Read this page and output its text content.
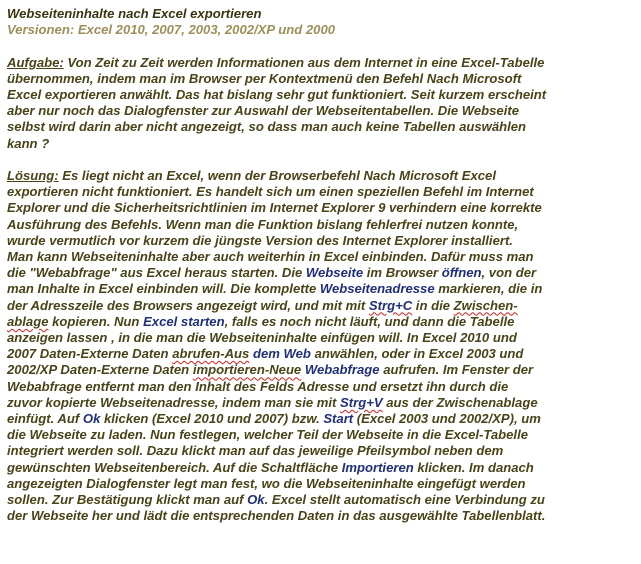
Webseiteninhalte nach Excel exportieren
Versionen: Excel 2010, 2007, 2003, 2002/XP und 2000
Aufgabe: Von Zeit zu Zeit werden Informationen aus dem Internet in eine Excel-Tabelle
übernommen, indem man im Browser per Kontextmenü den Befehl Nach Microsoft
Excel exportieren anwählt. Das hat bislang sehr gut funktioniert. Seit kurzem erscheint
aber nur noch das Dialogfenster zur Auswahl der Webseitentabellen. Die Webseite
selbst wird darin aber nicht angezeigt, so dass man auch keine Tabellen auswählen
kann ?
Lösung: Es liegt nicht an Excel, wenn der Browserbefehl Nach Microsoft Excel
exportieren nicht funktioniert. Es handelt sich um einen speziellen Befehl im Internet
Explorer und die Sicherheitsrichtlinien im Internet Explorer 9 verhindern eine korrekte
Ausführung des Befehls. Wenn man die Funktion bislang fehlerfrei nutzen konnte,
wurde vermutlich vor kurzem die jüngste Version des Internet Explorer installiert.
Man kann Webseiteninhalte aber auch weiterhin in Excel einbinden. Dafür muss man
die "Webabfrage" aus Excel heraus starten. Die Webseite im Browser öffnen, von der
man Inhalte in Excel einbinden will. Die komplette Webseitenadresse markieren, die in
der Adresszeile des Browsers angezeigt wird, und mit mit Strg+C in die Zwischen-
ablage kopieren. Nun Excel starten, falls es noch nicht läuft, und dann die Tabelle
anzeigen lassen , in die man die Webseiteninhalte einfügen will. In Excel 2010 und
2007 Daten-Externe Daten abrufen-Aus dem Web anwählen, oder in Excel 2003 und
2002/XP Daten-Externe Daten importieren-Neue Webabfrage aufrufen. Im Fenster der
Webabfrage entfernt man den Inhalt des Felds Adresse und ersetzt ihn durch die
zuvor kopierte Webseitenadresse, indem man sie mit Strg+V aus der Zwischenablage
einfügt. Auf Ok klicken (Excel 2010 und 2007) bzw. Start (Excel 2003 und 2002/XP), um
die Webseite zu laden. Nun festlegen, welcher Teil der Webseite in die Excel-Tabelle
integriert werden soll. Dazu klickt man auf das jeweilige Pfeilsymbol neben dem
gewünschten Webseitenbereich. Auf die Schaltfläche Importieren klicken. Im danach
angezeigten Dialogfenster legt man fest, wo die Webseiteninhalte eingefügt werden
sollen. Zur Bestätigung klickt man auf Ok. Excel stellt automatisch eine Verbindung zu
der Webseite her und lädt die entsprechenden Daten in das ausgewählte Tabellenblatt.
